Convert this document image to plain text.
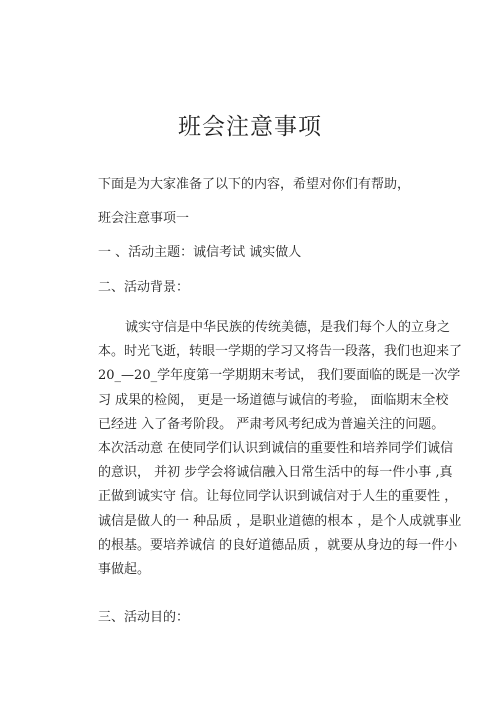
班会注意事项
下面是为大家准备了以下的内容，希望对你们有帮助，
班会注意事项一
一 、活动主题：诚信考试 诚实做人
二、活动背景：
诚实守信是中华民族的传统美德，是我们每个人的立身之
本。时光飞逝，转眼一学期的学习又将告一段落，我们也迎来了
20_—20_学年度第一学期期末考试， 我们要面临的既是一次学
习 成果的检阅， 更是一场道德与诚信的考验， 面临期末全校
已经进 入了备考阶段。 严肃考风考纪成为普遍关注的问题。
本次活动意 在使同学们认识到诚信的重要性和培养同学们诚信
的意识， 并初 步学会将诚信融入日常生活中的每一件小事 ,真
正做到诚实守 信。让每位同学认识到诚信对于人生的重要性 ，
诚信是做人的一 种品质 ，是职业道德的根本 ，是个人成就事业
的根基。要培养诚信 的良好道德品质 ，就要从身边的每一件小
事做起。
三、活动目的：
